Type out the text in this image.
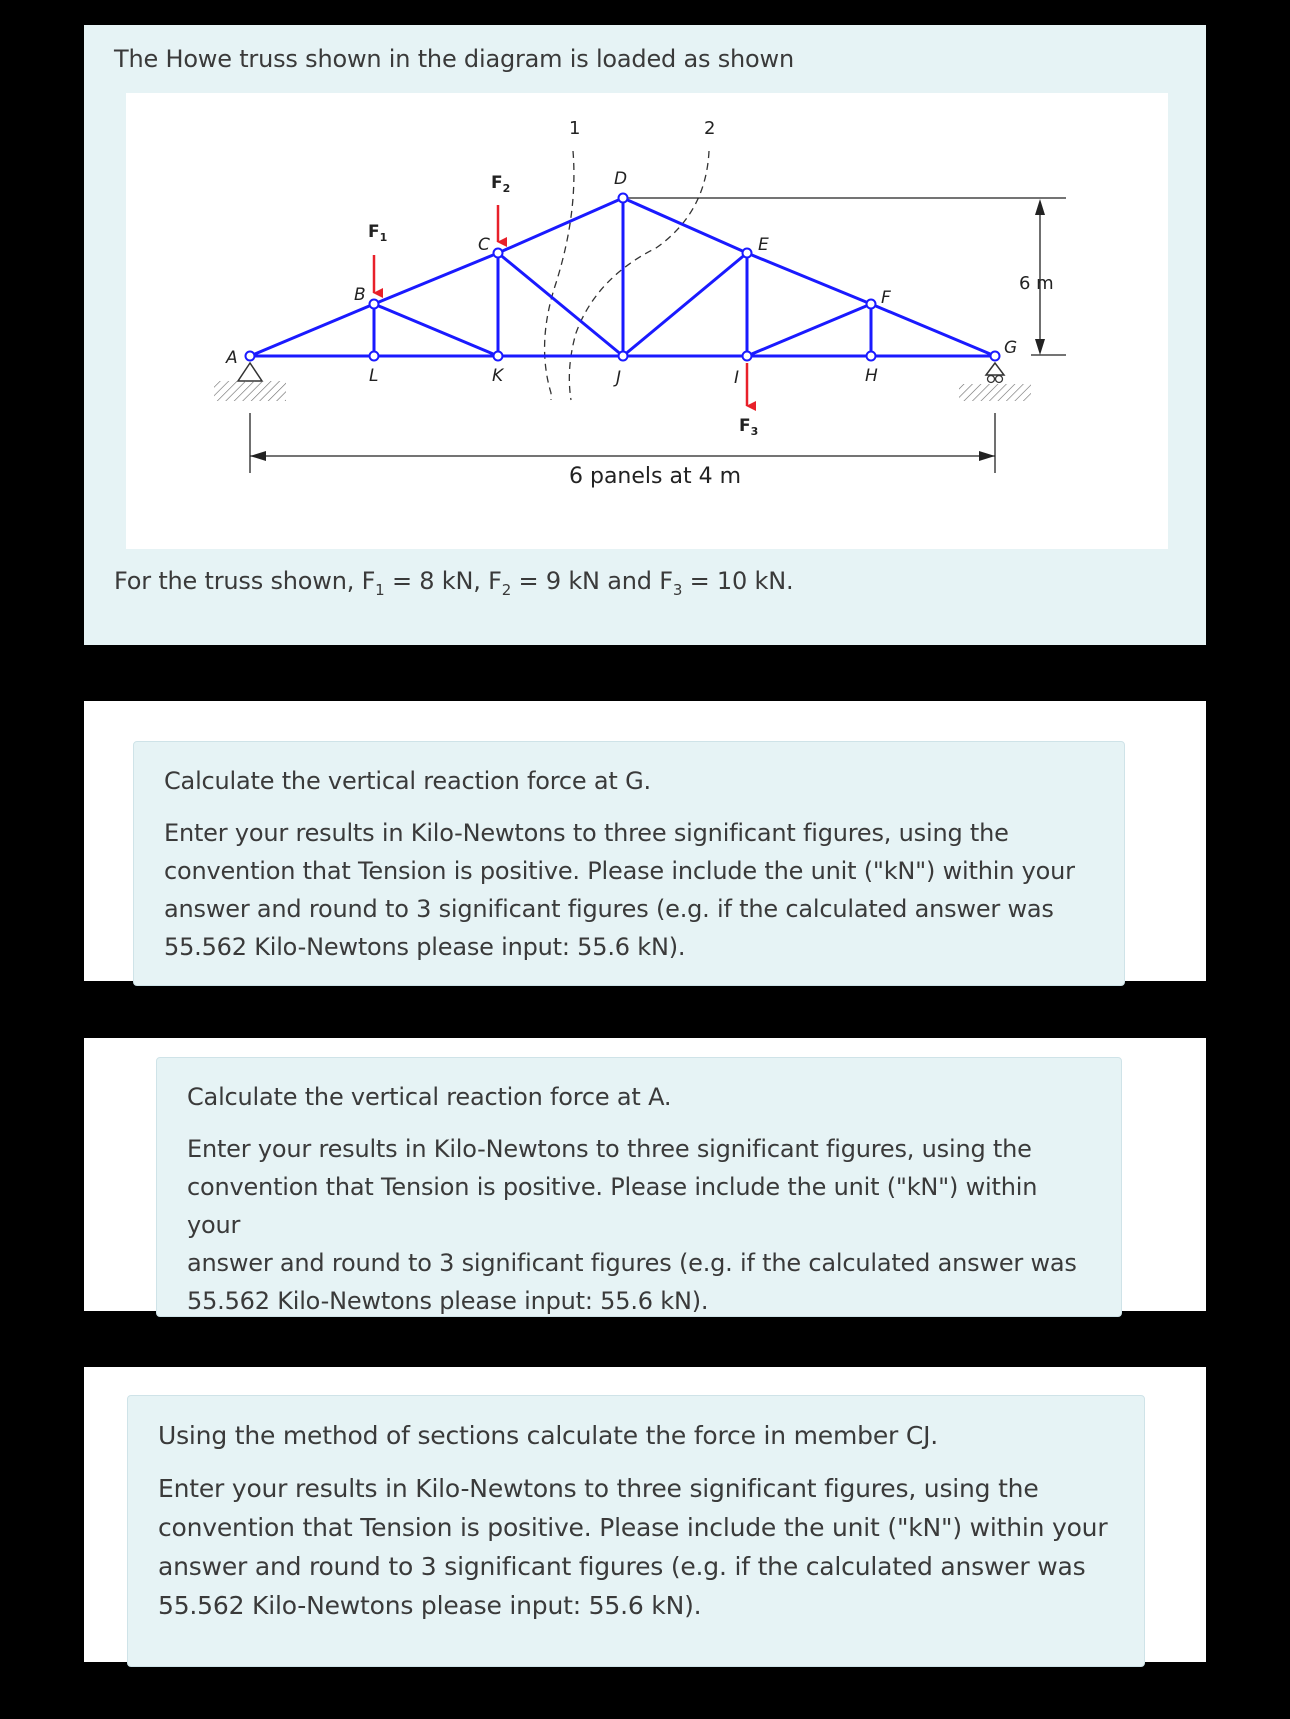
The Howe truss shown in the diagram is loaded as shown
1	2
6 m
6 panels at 4 m
A
B
C
D
E
F
G
L	K	J	I	H
$F_1$
$F_2$
$F_3$
For the truss shown, $F_1 = 8$ kN, $F_2 = 9$ kN and $F_3 = 10$ kN.

Calculate the vertical reaction force at G.

Enter your results in Kilo-Newtons to three significant figures, using the
convention that Tension is positive. Please include the unit ("kN") within your
answer and round to 3 significant figures (e.g. if the calculated answer was
55.562 Kilo-Newtons please input: 55.6 kN).

Calculate the vertical reaction force at A.

Enter your results in Kilo-Newtons to three significant figures, using the
convention that Tension is positive. Please include the unit ("kN") within your
answer and round to 3 significant figures (e.g. if the calculated answer was
55.562 Kilo-Newtons please input: 55.6 kN).

Using the method of sections calculate the force in member CJ.

Enter your results in Kilo-Newtons to three significant figures, using the
convention that Tension is positive. Please include the unit ("kN") within your
answer and round to 3 significant figures (e.g. if the calculated answer was
55.562 Kilo-Newtons please input: 55.6 kN).
